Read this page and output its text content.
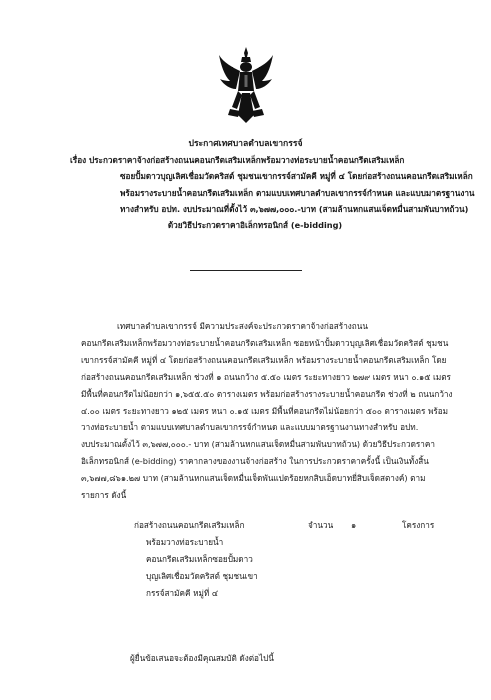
ประกาศเทศบาลตำบลเขากรรจ์
เรื่อง ประกวดราคาจ้างก่อสร้างถนนคอนกรีตเสริมเหล็กพร้อมวางท่อระบายน้ำคอนกรีตเสริมเหล็ก
ซอยปั้มดาวบุญเลิศเชื่อมวัดคริสต์ ชุมชนเขากรรจ์สามัคคี หมู่ที่ ๔ โดยก่อสร้างถนนคอนกรีตเสริมเหล็ก
พร้อมรางระบายน้ำคอนกรีตเสริมเหล็ก ตามแบบเทศบาลตำบลเขากรรจ์กำหนด และแบบมาตรฐานงาน
ทางสำหรับ อปท. งบประมาณที่ตั้งไว้ ๓,๖๗๗,๐๐๐.-บาท (สามล้านหกแสนเจ็ดหมื่นสามพันบาทถ้วน)
ด้วยวิธีประกวดราคาอิเล็กทรอนิกส์ (e-bidding)
เทศบาลตำบลเขากรรจ์ มีความประสงค์จะประกวดราคาจ้างก่อสร้างถนน
คอนกรีตเสริมเหล็กพร้อมวางท่อระบายน้ำคอนกรีตเสริมเหล็ก ซอยหน้าปั้มดาวบุญเลิศเชื่อมวัดคริสต์ ชุมชน
เขากรรจ์สามัคคี หมู่ที่ ๔ โดยก่อสร้างถนนคอนกรีตเสริมเหล็ก พร้อมรางระบายน้ำคอนกรีตเสริมเหล็ก โดย
ก่อสร้างถนนคอนกรีตเสริมเหล็ก ช่วงที่ ๑ ถนนกว้าง ๕.๕๐ เมตร ระยะทางยาว ๒๗๙ เมตร หนา ๐.๑๕ เมตร
มีพื้นที่คอนกรีตไม่น้อยกว่า ๑,๖๕๕.๕๐ ตารางเมตร พร้อมก่อสร้างรางระบายน้ำคอนกรีต ช่วงที่ ๒ ถนนกว้าง
๔.๐๐ เมตร ระยะทางยาว ๑๒๕ เมตร หนา ๐.๑๕ เมตร มีพื้นที่คอนกรีตไม่น้อยกว่า ๕๐๐ ตารางเมตร พร้อม
วางท่อระบายน้ำ ตามแบบเทศบาลตำบลเขากรรจ์กำหนด และแบบมาตรฐานงานทางสำหรับ อปท.
งบประมาณตั้งไว้ ๓,๖๗๗,๐๐๐.- บาท (สามล้านหกแสนเจ็ดหมื่นสามพันบาทถ้วน) ด้วยวิธีประกวดราคา
อิเล็กทรอนิกส์ (e-bidding) ราคากลางของงานจ้างก่อสร้าง ในการประกวดราคาครั้งนี้ เป็นเงินทั้งสิ้น
๓,๖๗๗,๘๖๑.๒๗ บาท (สามล้านหกแสนเจ็ดหมื่นเจ็ดพันแปดร้อยหกสิบเอ็ดบาทยี่สิบเจ็ดสตางค์) ตาม
รายการ ดังนี้
ก่อสร้างถนนคอนกรีตเสริมเหล็ก
พร้อมวางท่อระบายน้ำ
คอนกรีตเสริมเหล็กซอยปั้มดาว
บุญเลิศเชื่อมวัดคริสต์ ชุมชนเขา
กรรจ์สามัคคี หมู่ที่ ๔
จำนวน ๑	โครงการ
ผู้ยื่นข้อเสนอจะต้องมีคุณสมบัติ ดังต่อไปนี้
